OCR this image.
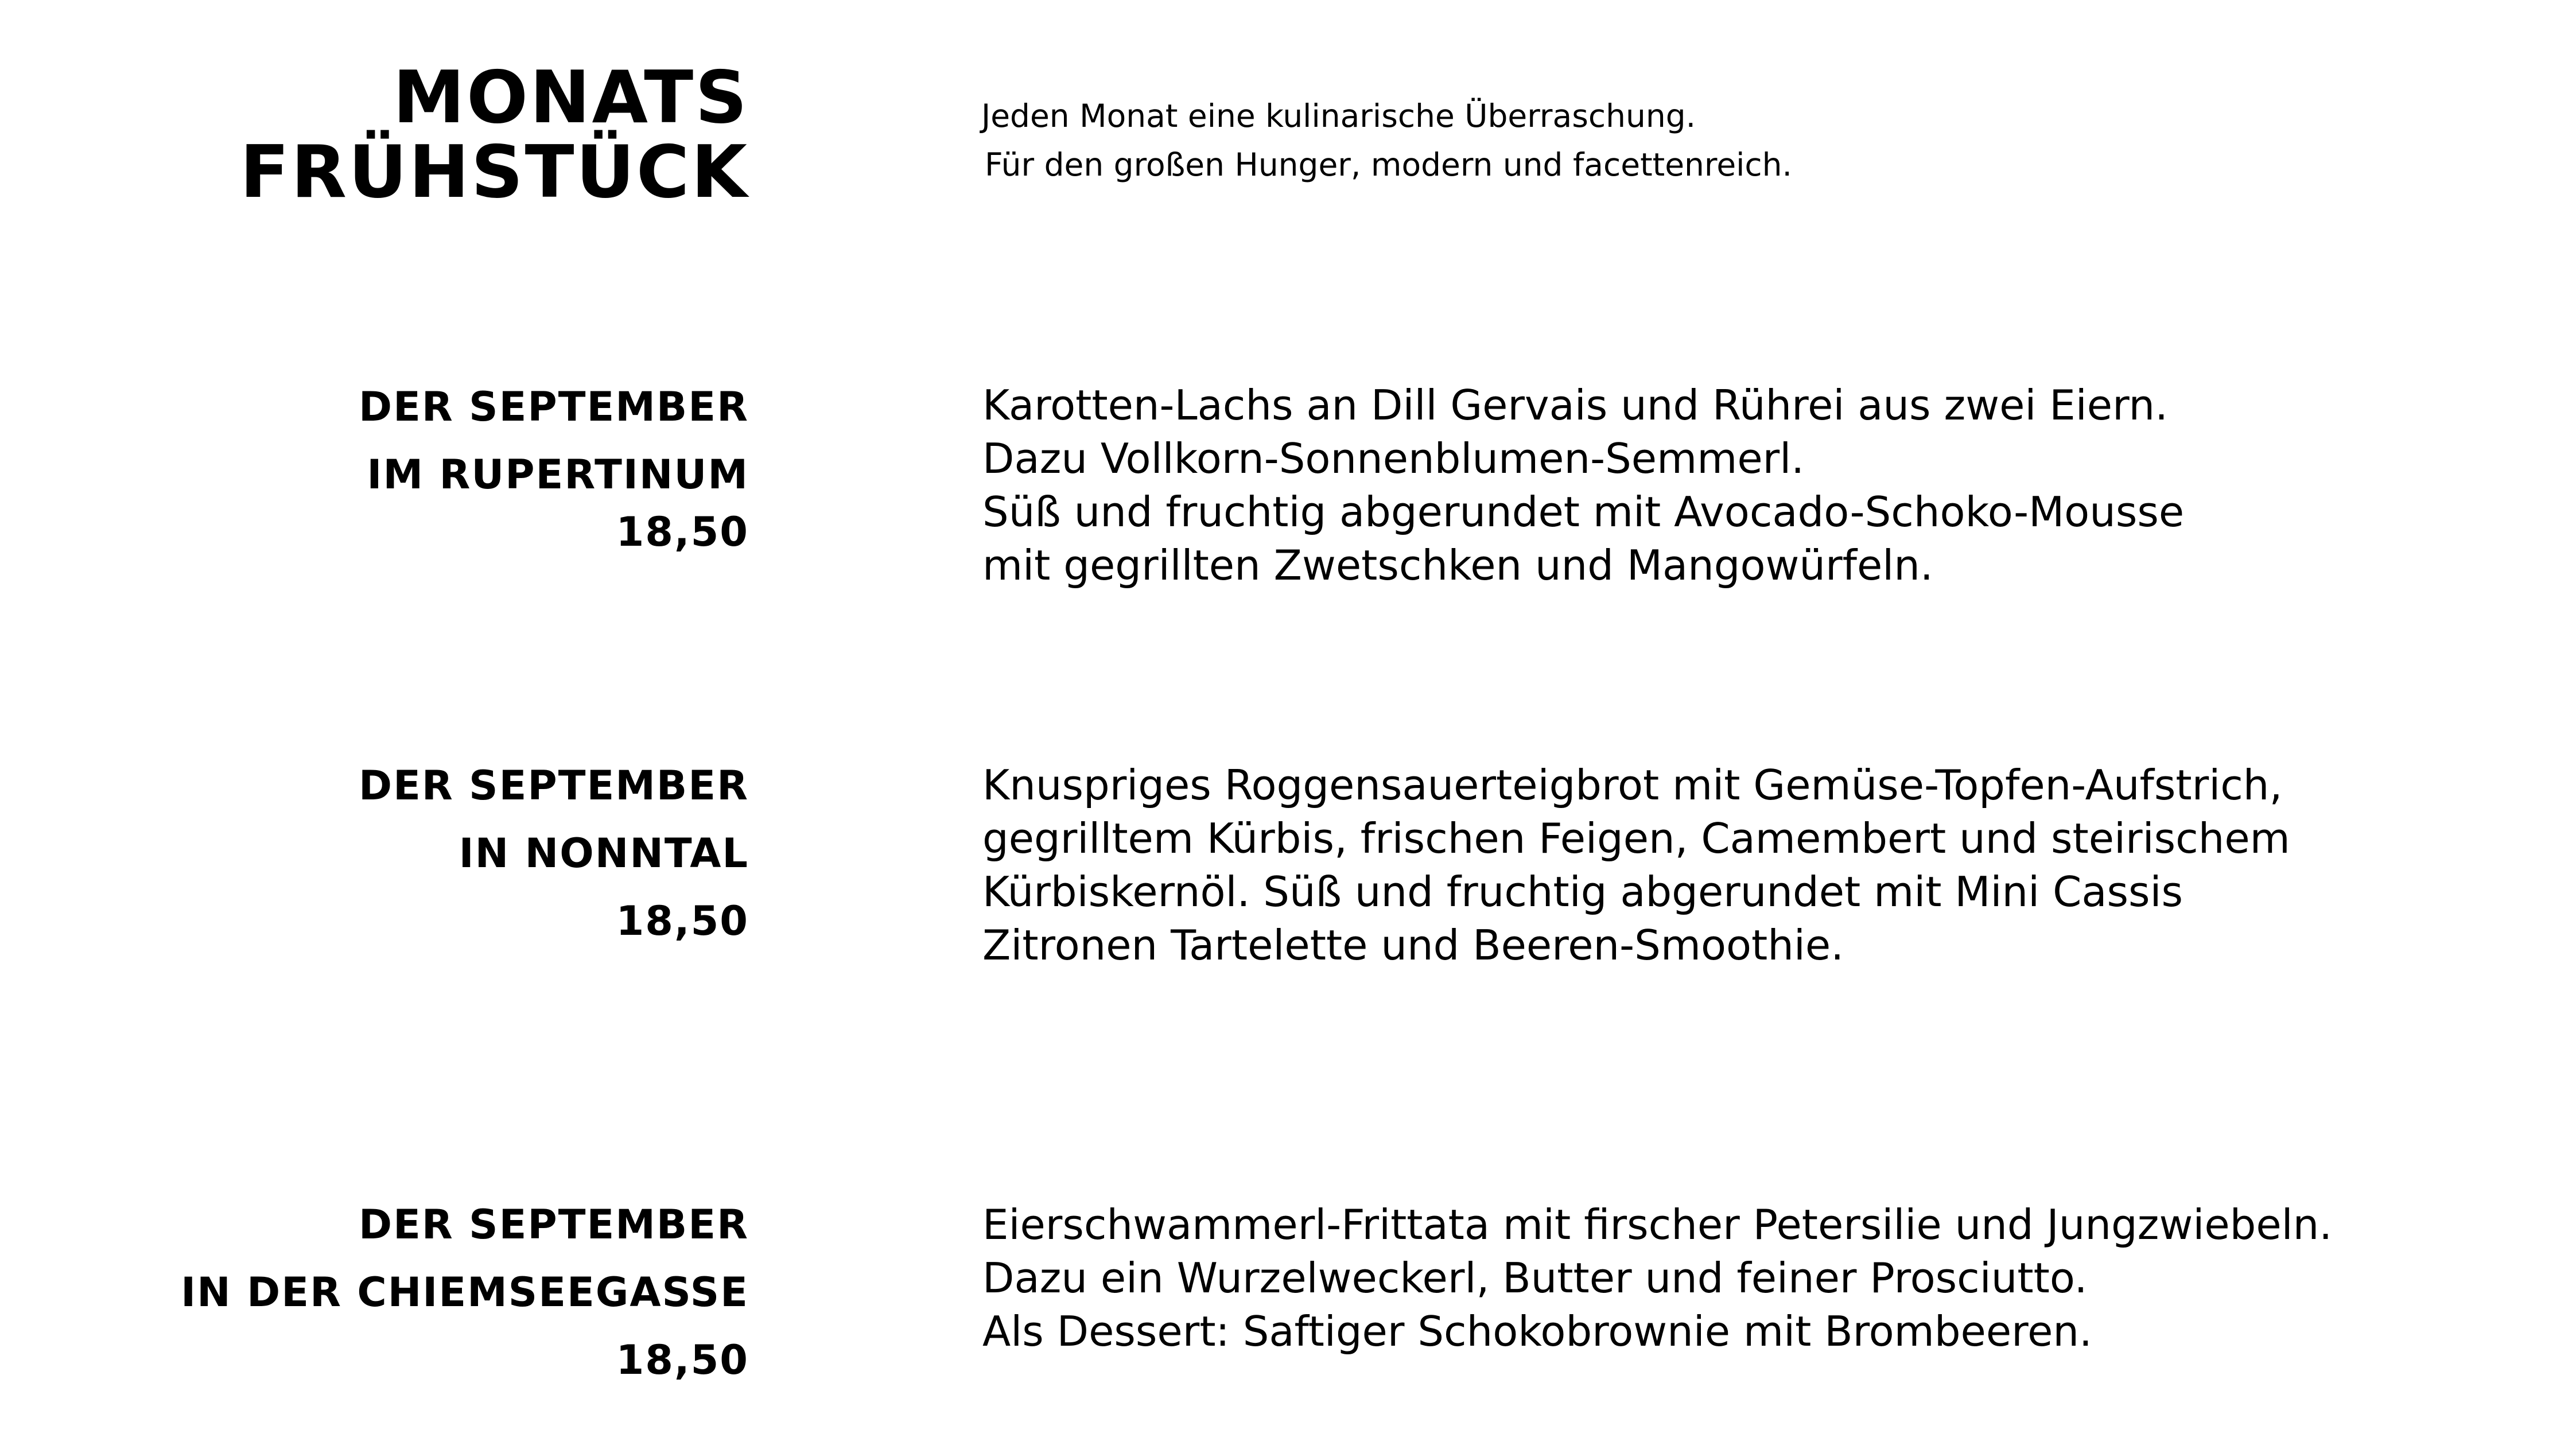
MONATS
FRÜHSTÜCK
Jeden Monat eine kulinarische Überraschung.
Für den großen Hunger, modern und facettenreich.
DER SEPTEMBER
IM RUPERTINUM
18,50
Karotten-Lachs an Dill Gervais und Rührei aus zwei Eiern.
Dazu Vollkorn-Sonnenblumen-Semmerl.
Süß und fruchtig abgerundet mit Avocado-Schoko-Mousse
mit gegrillten Zwetschken und Mangowürfeln.
DER SEPTEMBER
IN NONNTAL
18,50
Knuspriges Roggensauerteigbrot mit Gemüse-Topfen-Aufstrich,
gegrilltem Kürbis, frischen Feigen, Camembert und steirischem
Kürbiskernöl. Süß und fruchtig abgerundet mit Mini Cassis
Zitronen Tartelette und Beeren-Smoothie.
DER SEPTEMBER
IN DER CHIEMSEEGASSE
18,50
Eierschwammerl-Frittata mit firscher Petersilie und Jungzwiebeln.
Dazu ein Wurzelweckerl, Butter und feiner Prosciutto.
Als Dessert: Saftiger Schokobrownie mit Brombeeren.
